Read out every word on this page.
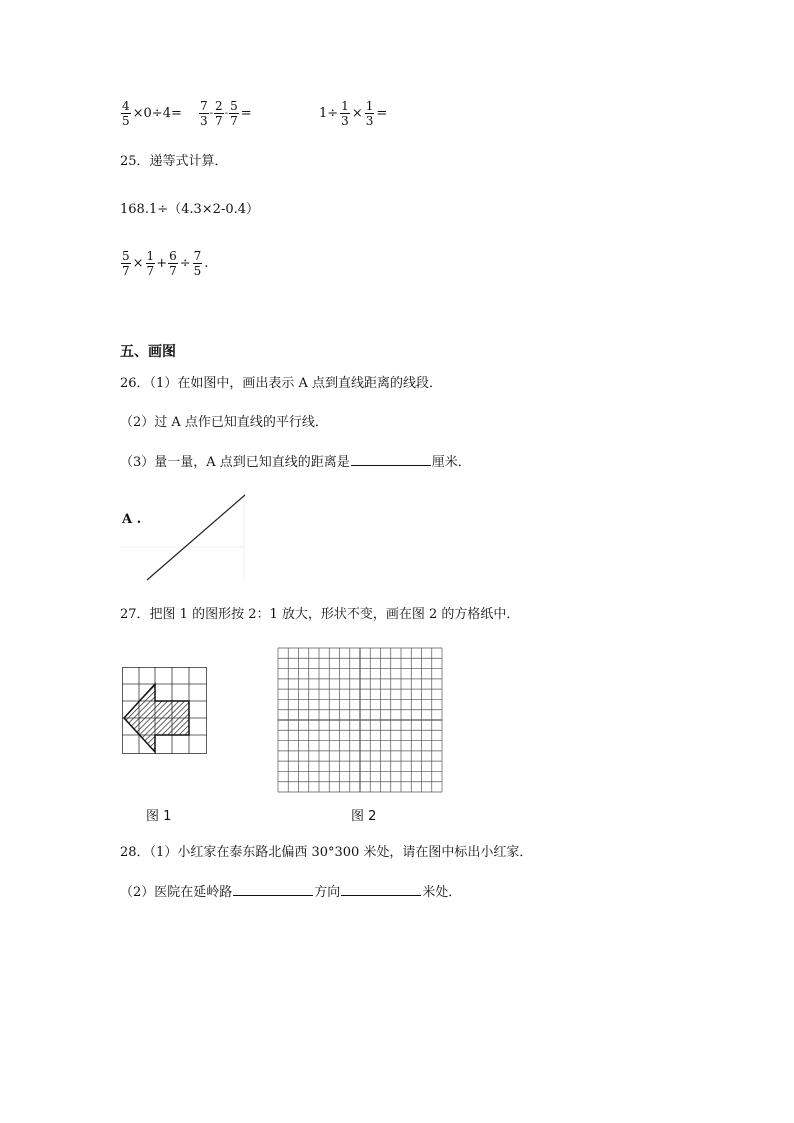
$\frac{4}{5} \times 0\div 4= \frac{7}{3} - \frac{2}{7} - \frac{5}{7}$ =	$1\div \frac{1}{3} \times \frac{1}{3}$ =
25．递等式计算．
168.1÷（4.3×2-0.4）
$\frac{5}{7} \times \frac{1}{7} + \frac{6}{7} \div \frac{7}{5}$ .
五、画图
26．（1）在如图中，画出表示 A 点到直线距离的线段．
（2）过 A 点作已知直线的平行线．
（3）量一量，A 点到已知直线的距离是	厘米．
A .
27．把图 1 的图形按 2：1 放大，形状不变，画在图 2 的方格纸中．
图 1	图 2
28．（1）小红家在泰东路北偏西 30°300 米处，请在图中标出小红家．
（2）医院在延岭路	方向	米处．
